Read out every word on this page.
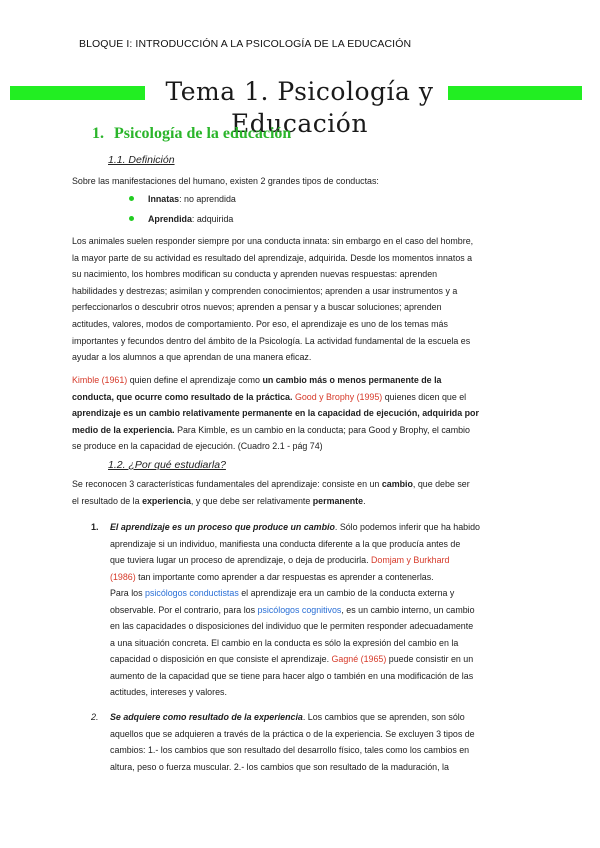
BLOQUE I: INTRODUCCIÓN A LA PSICOLOGÍA DE LA EDUCACIÓN
Tema 1. Psicología y Educación
1. Psicología de la educación
1.1. Definición
Sobre las manifestaciones del humano, existen 2 grandes tipos de conductas:
Innatas: no aprendida
Aprendida: adquirida
Los animales suelen responder siempre por una conducta innata: sin embargo en el caso del hombre,
la mayor parte de su actividad es resultado del aprendizaje, adquirida. Desde los momentos innatos a
su nacimiento, los hombres modifican su conducta y aprenden nuevas respuestas: aprenden
habilidades y destrezas; asimilan y comprenden conocimientos; aprenden a usar instrumentos y a
perfeccionarlos o descubrir otros nuevos; aprenden a pensar y a buscar soluciones; aprenden
actitudes, valores, modos de comportamiento. Por eso, el aprendizaje es uno de los temas más
importantes y fecundos dentro del ámbito de la Psicología. La actividad fundamental de la escuela es
ayudar a los alumnos a que aprendan de una manera eficaz.
Kimble (1961) quien define el aprendizaje como un cambio más o menos permanente de la
conducta, que ocurre como resultado de la práctica. Good y Brophy (1995) quienes dicen que el
aprendizaje es un cambio relativamente permanente en la capacidad de ejecución, adquirida por
medio de la experiencia. Para Kimble, es un cambio en la conducta; para Good y Brophy, el cambio
se produce en la capacidad de ejecución. (Cuadro 2.1 - pág 74)
1.2. ¿Por qué estudiarla?
Se reconocen 3 características fundamentales del aprendizaje: consiste en un cambio, que debe ser
el resultado de la experiencia, y que debe ser relativamente permanente.
1. El aprendizaje es un proceso que produce un cambio. Sólo podemos inferir que ha habido
aprendizaje si un individuo, manifiesta una conducta diferente a la que producía antes de
que tuviera lugar un proceso de aprendizaje, o deja de producirla. Domjam y Burkhard
(1986) tan importante como aprender a dar respuestas es aprender a contenerlas.
Para los psicólogos conductistas el aprendizaje era un cambio de la conducta externa y
observable. Por el contrario, para los psicólogos cognitivos, es un cambio interno, un cambio
en las capacidades o disposiciones del individuo que le permiten responder adecuadamente
a una situación concreta. El cambio en la conducta es sólo la expresión del cambio en la
capacidad o disposición en que consiste el aprendizaje. Gagné (1965) puede consistir en un
aumento de la capacidad que se tiene para hacer algo o también en una modificación de las
actitudes, intereses y valores.
2. Se adquiere como resultado de la experiencia. Los cambios que se aprenden, son sólo
aquellos que se adquieren a través de la práctica o de la experiencia. Se excluyen 3 tipos de
cambios: 1.- los cambios que son resultado del desarrollo físico, tales como los cambios en
altura, peso o fuerza muscular. 2.- los cambios que son resultado de la maduración, la
